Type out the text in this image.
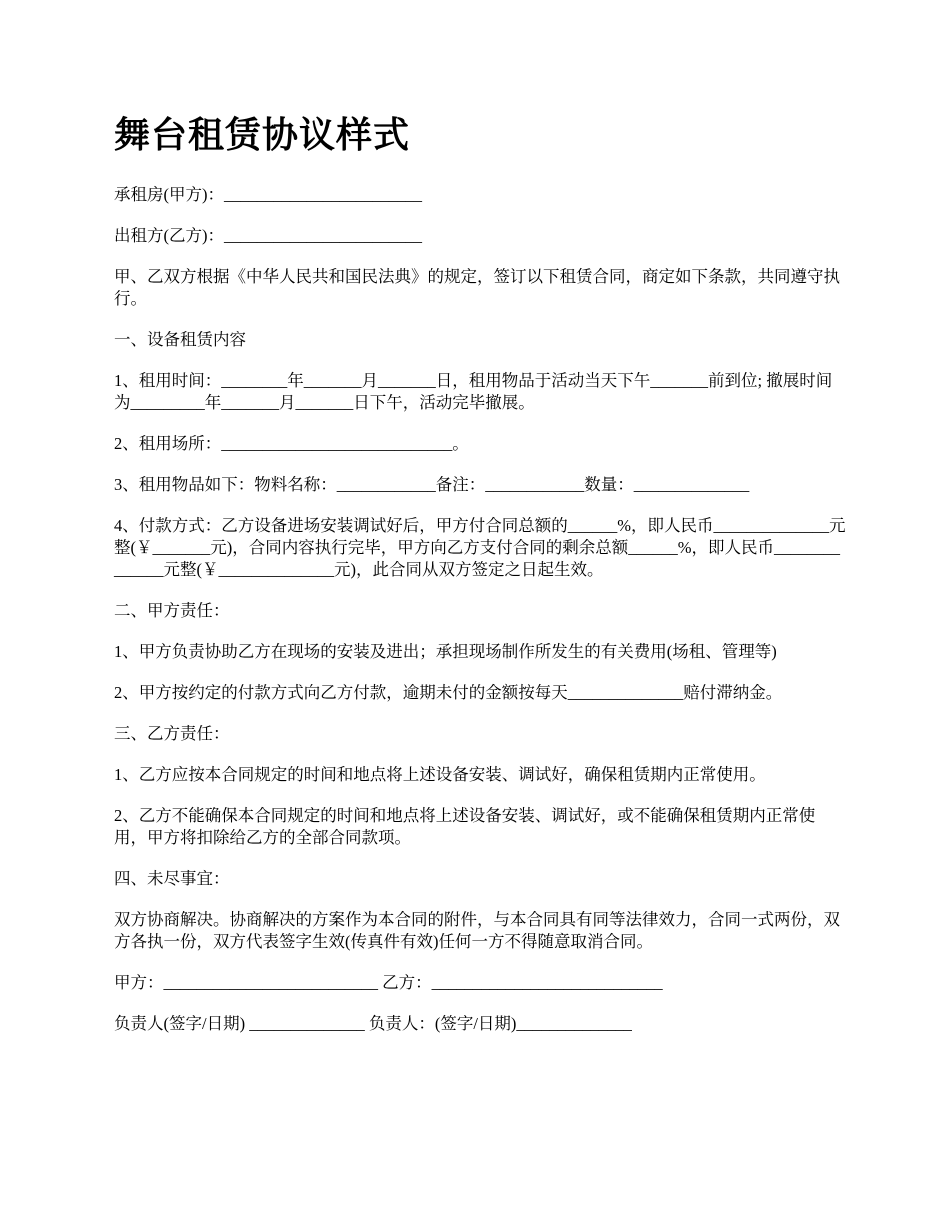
舞台租赁协议样式

承租房(甲方)：________________________

出租方(乙方)：________________________

甲、乙双方根据《中华人民共和国民法典》的规定，签订以下租赁合同，商定如下条款，共同遵守执行。

一、设备租赁内容

1、租用时间：________年_______月_______日，租用物品于活动当天下午_______前到位; 撤展时间为_________年_______月_______日下午，活动完毕撤展。

2、租用场所：____________________________。

3、租用物品如下：物料名称：____________备注：____________数量：______________

4、付款方式：乙方设备进场安装调试好后，甲方付合同总额的______%，即人民币______________元整(￥_______元)，合同内容执行完毕，甲方向乙方支付合同的剩余总额______%，即人民币______________元整(￥______________元)，此合同从双方签定之日起生效。

二、甲方责任：

1、甲方负责协助乙方在现场的安装及进出；承担现场制作所发生的有关费用(场租、管理等)

2、甲方按约定的付款方式向乙方付款，逾期未付的金额按每天______________赔付滞纳金。

三、乙方责任：

1、乙方应按本合同规定的时间和地点将上述设备安装、调试好，确保租赁期内正常使用。

2、乙方不能确保本合同规定的时间和地点将上述设备安装、调试好，或不能确保租赁期内正常使用，甲方将扣除给乙方的全部合同款项。

四、未尽事宜：

双方协商解决。协商解决的方案作为本合同的附件，与本合同具有同等法律效力，合同一式两份，双方各执一份，双方代表签字生效(传真件有效)任何一方不得随意取消合同。

甲方：__________________________ 乙方：____________________________

负责人(签字/日期) ______________ 负责人：(签字/日期)______________
